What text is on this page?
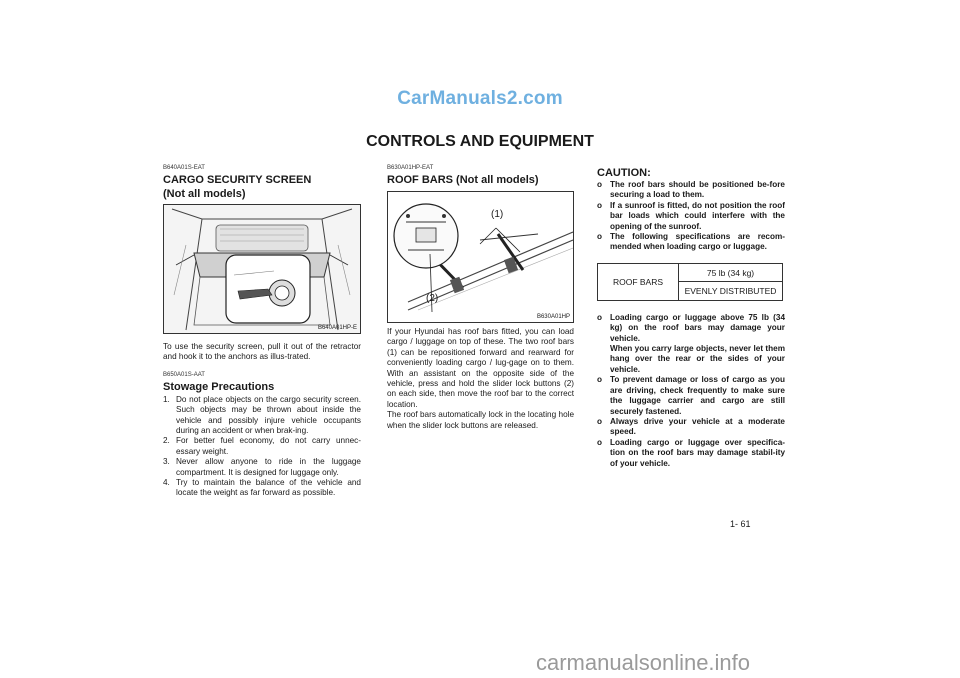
CarManuals2.com
CONTROLS AND EQUIPMENT
B640A01S-EAT
CARGO SECURITY SCREEN
(Not all models)
B640A01HP-E
To use the security screen, pull it out of the retractor and hook it to the anchors as illus-trated.
B650A01S-AAT
Stowage Precautions
1. Do not place objects on the cargo security screen. Such objects may be thrown about inside the vehicle and possibly injure vehicle occupants during an accident or when brak-ing.
2. For better fuel economy, do not carry unnec-essary weight.
3. Never allow anyone to ride in the luggage compartment. It is designed for luggage only.
4. Try to maintain the balance of the vehicle and locate the weight as far forward as possible.
B630A01HP-EAT
ROOF BARS (Not all models)
(1)
(2)
B630A01HP
If your Hyundai has roof bars fitted, you can load cargo / luggage on top of these. The two roof bars (1) can be repositioned forward and rearward for conveniently loading cargo / lug-gage on to them. With an assistant on the opposite side of the vehicle, press and hold the slider lock buttons (2) on each side, then move the roof bar to the correct location.
The roof bars automatically lock in the locating hole when the slider lock buttons are released.
CAUTION:
o The roof bars should be positioned be-fore securing a load to them.
o If a sunroof is fitted, do not position the roof bar loads which could interfere with the opening of the sunroof.
o The following specifications are recom-mended when loading cargo or luggage.
ROOF BARS	75 lb (34 kg)
EVENLY DISTRIBUTED
o Loading cargo or luggage above 75 lb (34 kg) on the roof bars may damage your vehicle.
When you carry large objects, never let them hang over the rear or the sides of your vehicle.
o To prevent damage or loss of cargo as you are driving, check frequently to make sure the luggage carrier and cargo are still securely fastened.
o Always drive your vehicle at a moderate speed.
o Loading cargo or luggage over specifica-tion on the roof bars may damage stabil-ity of your vehicle.
1- 61
carmanualsonline.info
